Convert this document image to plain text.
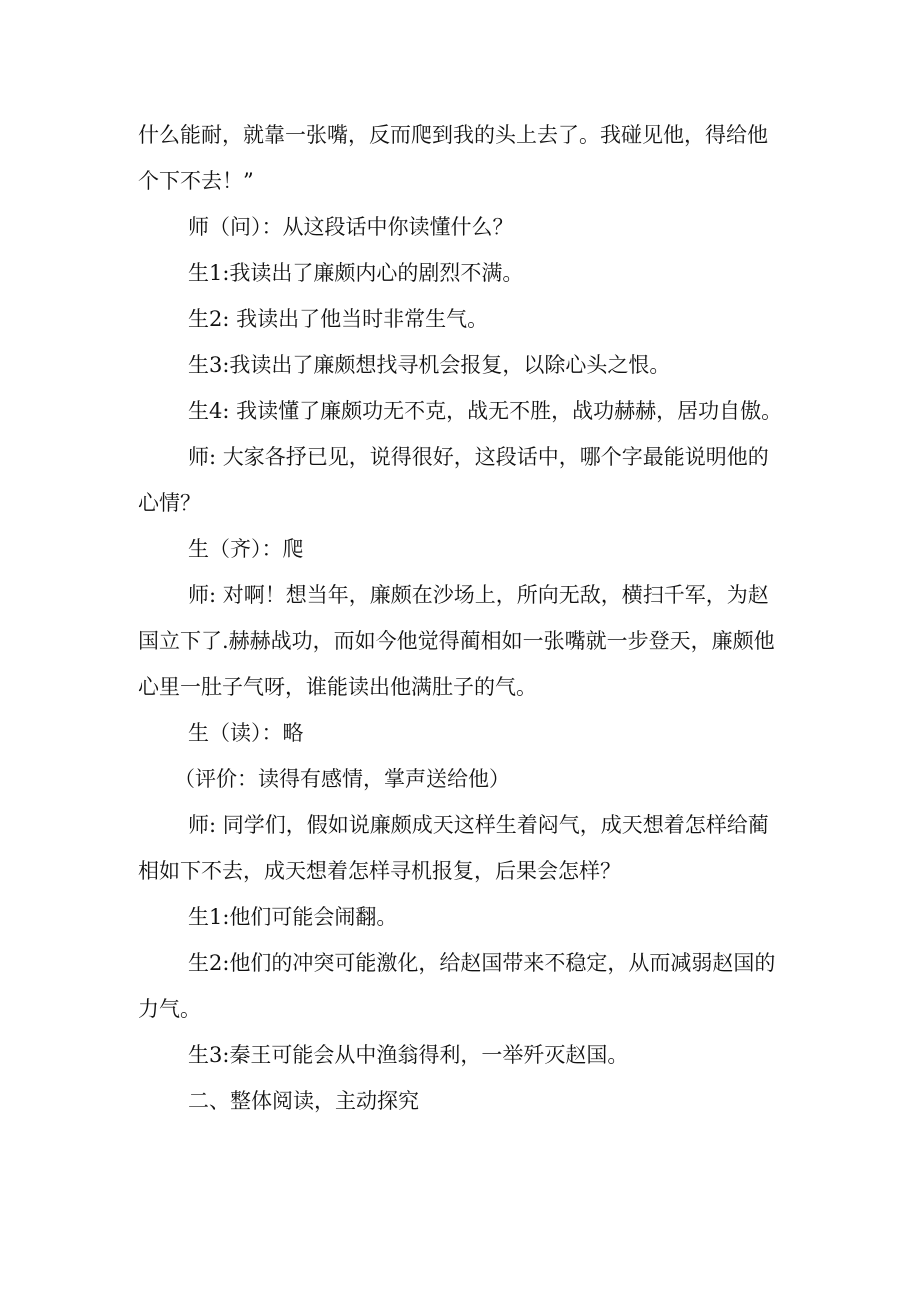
什么能耐，就靠一张嘴，反而爬到我的头上去了。我碰见他，得给他个下不去！”

师（问）：从这段话中你读懂什么？

生1:我读出了廉颇内心的剧烈不满。

生2: 我读出了他当时非常生气。

生3:我读出了廉颇想找寻机会报复，以除心头之恨。

生4: 我读懂了廉颇功无不克，战无不胜，战功赫赫，居功自傲。

师: 大家各抒已见，说得很好，这段话中，哪个字最能说明他的心情？

生（齐）：爬

师: 对啊！想当年，廉颇在沙场上，所向无敌，横扫千军，为赵国立下了.赫赫战功，而如今他觉得蔺相如一张嘴就一步登天，廉颇他心里一肚子气呀，谁能读出他满肚子的气。

生（读）：略

（评价：读得有感情，掌声送给他）

师: 同学们，假如说廉颇成天这样生着闷气，成天想着怎样给蔺相如下不去，成天想着怎样寻机报复，后果会怎样？

生1:他们可能会闹翻。

生2:他们的冲突可能激化，给赵国带来不稳定，从而减弱赵国的力气。

生3:秦王可能会从中渔翁得利，一举歼灭赵国。

二、整体阅读，主动探究
